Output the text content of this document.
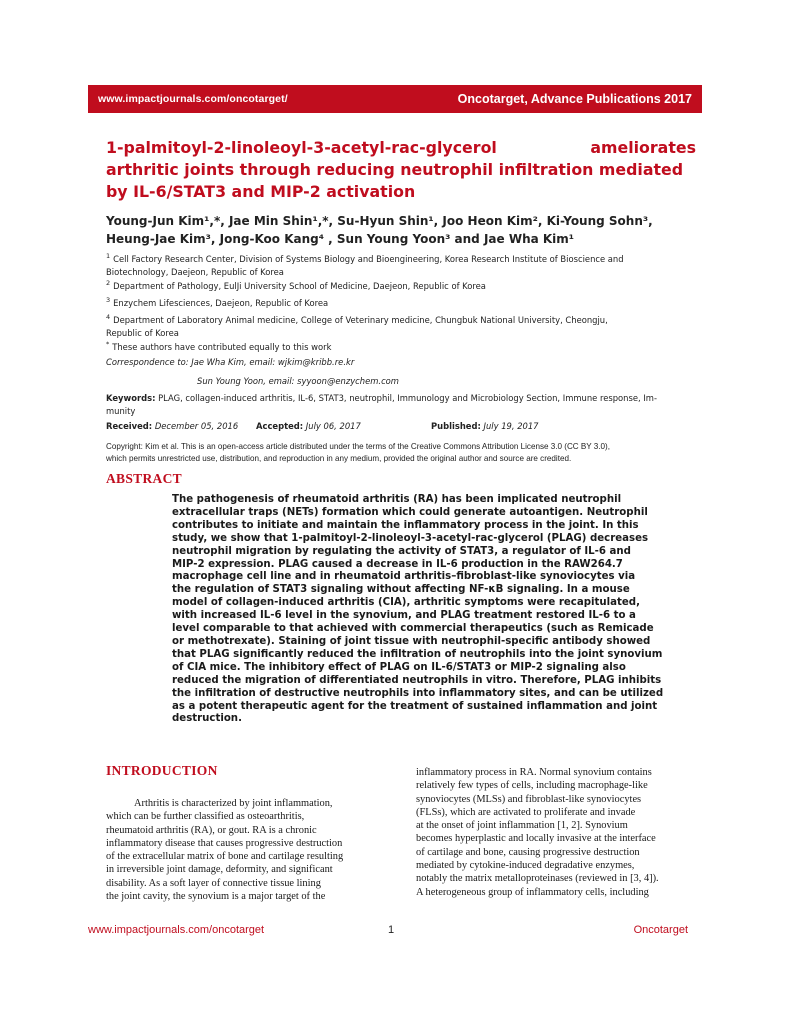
www.impactjournals.com/oncotarget/	Oncotarget, Advance Publications 2017
1-palmitoyl-2-linoleoyl-3-acetyl-rac-glycerol	ameliorates
arthritic joints through reducing neutrophil infiltration mediated
by IL-6/STAT3 and MIP-2 activation

Young-Jun Kim¹,*, Jae Min Shin¹,*, Su-Hyun Shin¹, Joo Heon Kim², Ki-Young Sohn³,
Heung-Jae Kim³, Jong-Koo Kang⁴ , Sun Young Yoon³ and Jae Wha Kim¹

$^1$ Cell Factory Research Center, Division of Systems Biology and Bioengineering, Korea Research Institute of Bioscience and
Biotechnology, Daejeon, Republic of Korea
$^2$ Department of Pathology, EulJi University School of Medicine, Daejeon, Republic of Korea
$^3$ Enzychem Lifesciences, Daejeon, Republic of Korea
$^4$ Department of Laboratory Animal medicine, College of Veterinary medicine, Chungbuk National University, Cheongju,
Republic of Korea
* These authors have contributed equally to this work
Correspondence to: Jae Wha Kim, email: wjkim@kribb.re.kr
Sun Young Yoon, email: syyoon@enzychem.com
Keywords: PLAG, collagen-induced arthritis, IL-6, STAT3, neutrophil, Immunology and Microbiology Section, Immune response, Im-
munity
Received: December 05, 2016 Accepted: July 06, 2017	Published: July 19, 2017
Copyright: Kim et al. This is an open-access article distributed under the terms of the Creative Commons Attribution License 3.0 (CC BY 3.0),
which permits unrestricted use, distribution, and reproduction in any medium, provided the original author and source are credited.
ABSTRACT
The pathogenesis of rheumatoid arthritis (RA) has been implicated neutrophil
extracellular traps (NETs) formation which could generate autoantigen. Neutrophil
contributes to initiate and maintain the inflammatory process in the joint. In this
study, we show that 1-palmitoyl-2-linoleoyl-3-acetyl-rac-glycerol (PLAG) decreases
neutrophil migration by regulating the activity of STAT3, a regulator of IL-6 and
MIP-2 expression. PLAG caused a decrease in IL-6 production in the RAW264.7
macrophage cell line and in rheumatoid arthritis–fibroblast-like synoviocytes via
the regulation of STAT3 signaling without affecting NF-κB signaling. In a mouse
model of collagen-induced arthritis (CIA), arthritic symptoms were recapitulated,
with increased IL-6 level in the synovium, and PLAG treatment restored IL-6 to a
level comparable to that achieved with commercial therapeutics (such as Remicade
or methotrexate). Staining of joint tissue with neutrophil-specific antibody showed
that PLAG significantly reduced the infiltration of neutrophils into the joint synovium
of CIA mice. The inhibitory effect of PLAG on IL-6/STAT3 or MIP-2 signaling also
reduced the migration of differentiated neutrophils in vitro. Therefore, PLAG inhibits
the infiltration of destructive neutrophils into inflammatory sites, and can be utilized
as a potent therapeutic agent for the treatment of sustained inflammation and joint
destruction.
INTRODUCTION
Arthritis is characterized by joint inflammation,
which can be further classified as osteoarthritis,
rheumatoid arthritis (RA), or gout. RA is a chronic
inflammatory disease that causes progressive destruction
of the extracellular matrix of bone and cartilage resulting
in irreversible joint damage, deformity, and significant
disability. As a soft layer of connective tissue lining
the joint cavity, the synovium is a major target of the
inflammatory process in RA. Normal synovium contains
relatively few types of cells, including macrophage-like
synoviocytes (MLSs) and fibroblast-like synoviocytes
(FLSs), which are activated to proliferate and invade
at the onset of joint inflammation [1, 2]. Synovium
becomes hyperplastic and locally invasive at the interface
of cartilage and bone, causing progressive destruction
mediated by cytokine-induced degradative enzymes,
notably the matrix metalloproteinases (reviewed in [3, 4]).
A heterogeneous group of inflammatory cells, including
www.impactjournals.com/oncotarget	1	Oncotarget
